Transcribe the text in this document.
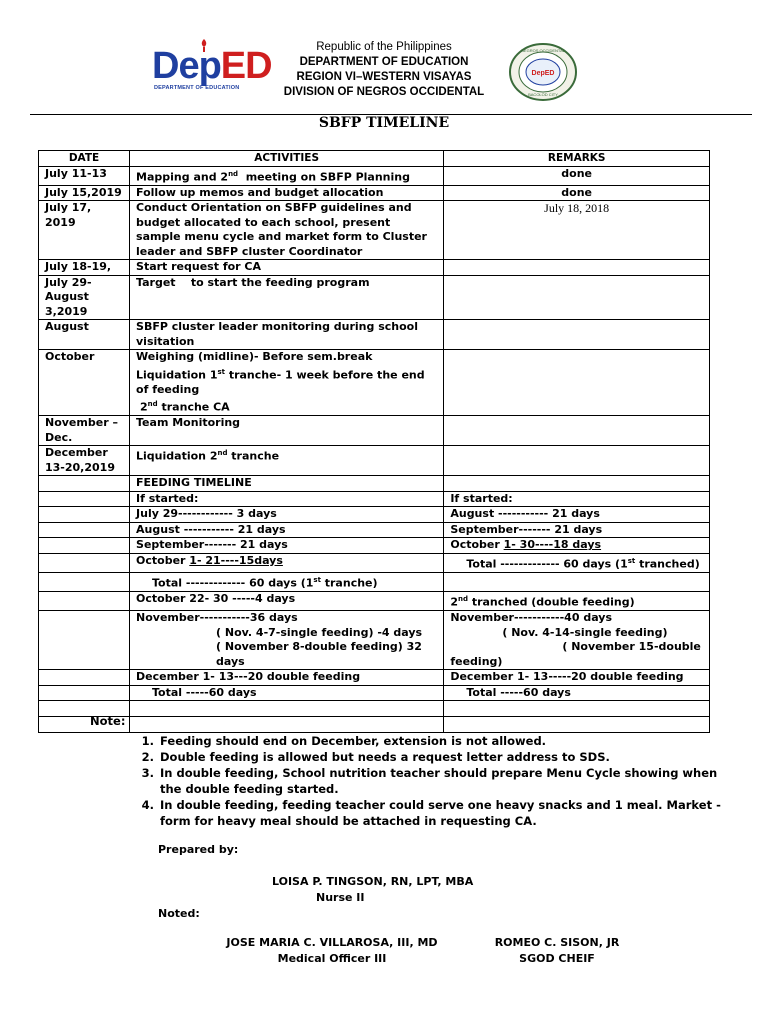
DepED
DEPARTMENT OF EDUCATION
Republic of the Philippines
DEPARTMENT OF EDUCATION
REGION VI–WESTERN VISAYAS
DIVISION OF NEGROS OCCIDENTAL
DepED
NEGROS OCCIDENTAL
BACOLOD CITY
SBFP TIMELINE
DATE	ACTIVITIES	REMARKS
July 11-13	Mapping and 2nd  meeting on SBFP Planning	done
July 15,2019	Follow up memos and budget allocation	done
July 17, 2019	Conduct Orientation on SBFP guidelines and budget allocated to each school, present sample menu cycle and market form to Cluster leader and SBFP cluster Coordinator	July 18, 2018
July 18-19,	Start request for CA	
July 29-August 3,2019	Target    to start the feeding program	
August	SBFP cluster leader monitoring during school visitation	
October	Weighing (midline)- Before sem.break
Liquidation 1st tranche- 1 week before the end of feeding
2nd tranche CA	

November – Dec.	Team Monitoring	
December 13-20,2019	Liquidation 2nd tranche	
	FEEDING TIMELINE	
	If started:	If started:
	July 29------------ 3 days	August ----------- 21 days
	August ----------- 21 days	September------- 21 days
	September------- 21 days	October 1- 30----18 days
	October 1- 21----15days	Total ------------- 60 days (1st tranched)
	Total ------------- 60 days (1st tranche)	
	October 22- 30 -----4 days	2nd tranched (double feeding)

	November-----------36 days
( Nov. 4-7-single feeding) -4 days
( November 8-double feeding) 32 days	November-----------40 days
( Nov. 4-14-single feeding)
( November 15-double
feeding)

	December 1- 13---20 double feeding	December 1- 13-----20 double feeding
	Total -----60 days	Total -----60 days

Note:
1. Feeding should end on December, extension is not allowed.
2. Double feeding is allowed but needs a request letter address to SDS.
3. In double feeding, School nutrition teacher should prepare Menu Cycle showing when the double feeding started.
4. In double feeding, feeding teacher could serve one heavy snacks and 1 meal. Market - form for heavy meal should be attached in requesting CA.
Prepared by:
LOISA P. TINGSON, RN, LPT, MBA
Nurse II
Noted:
JOSE MARIA C. VILLAROSA, III, MD
Medical Officer III
ROMEO C. SISON, JR
SGOD CHEIF
